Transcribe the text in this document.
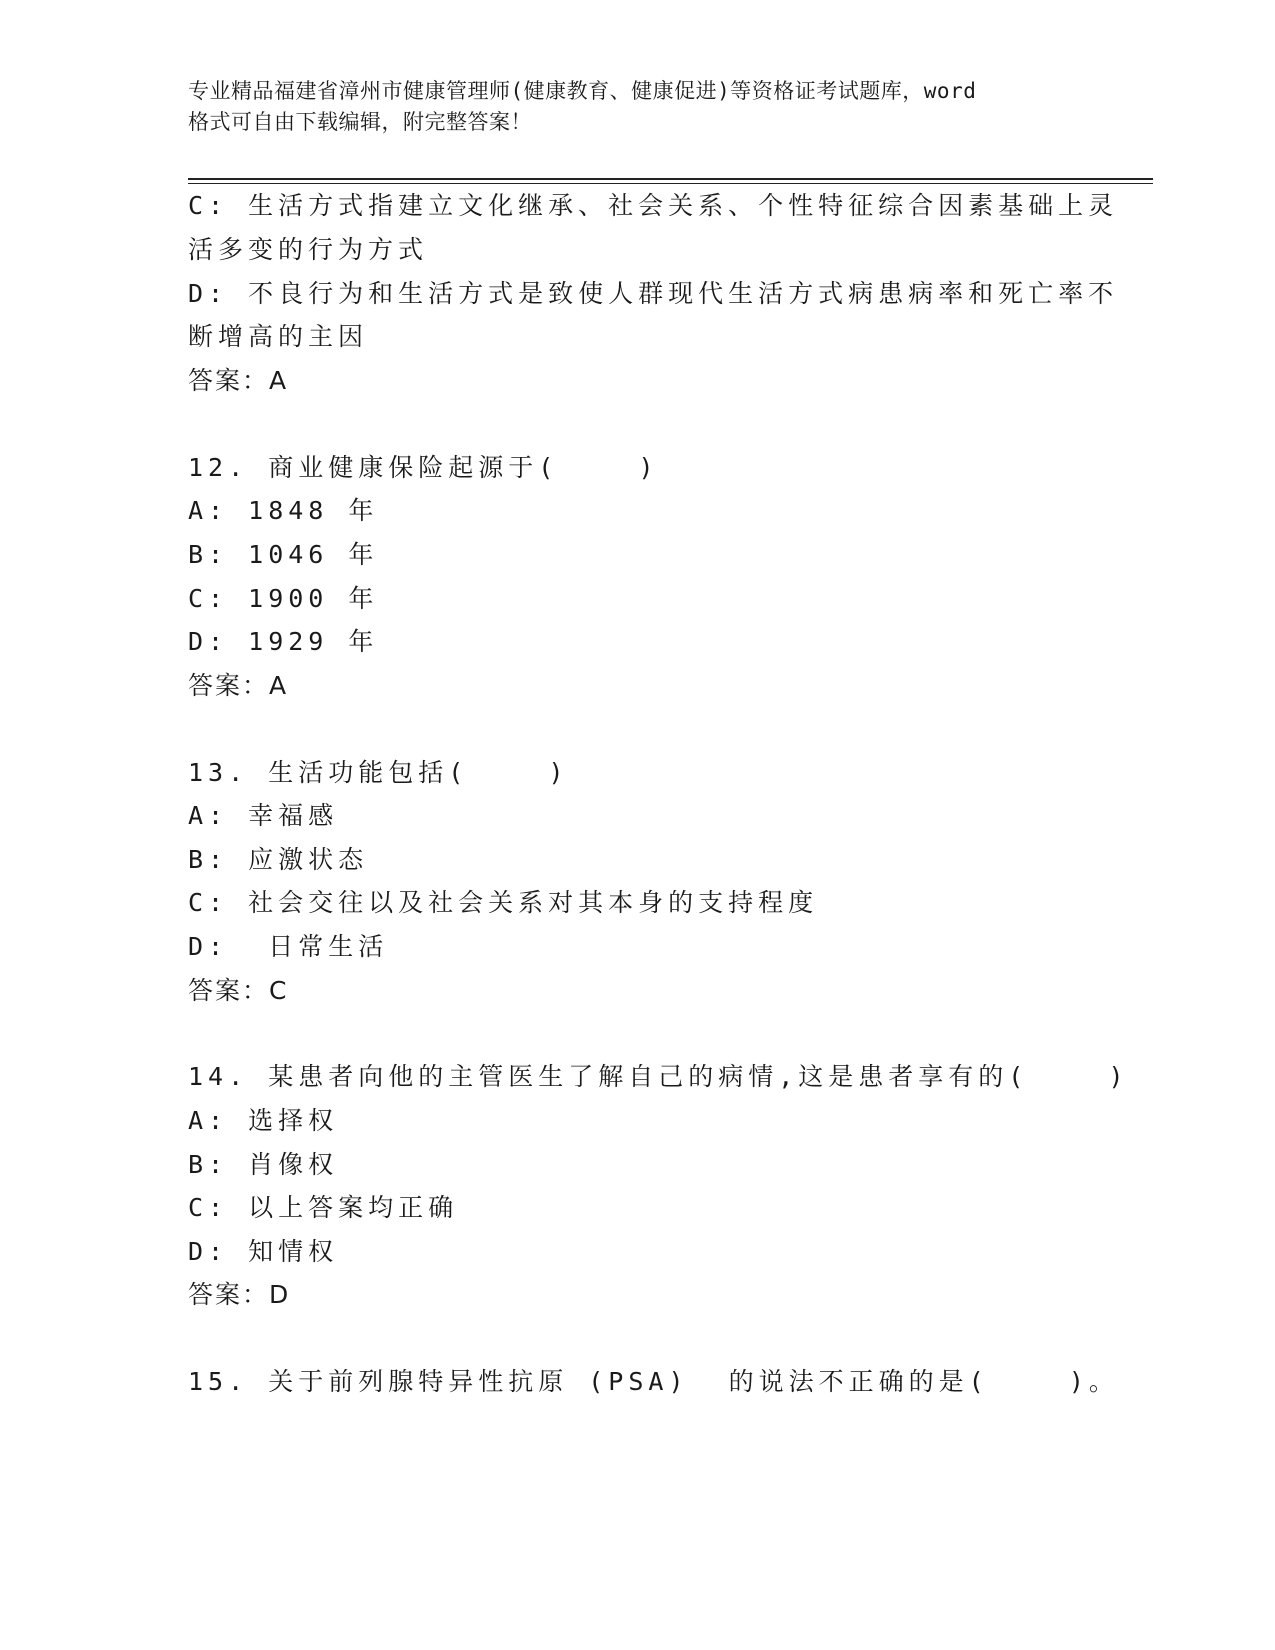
专业精品福建省漳州市健康管理师(健康教育、健康促进)等资格证考试题库，word
格式可自由下载编辑，附完整答案！
C: 生活方式指建立文化继承、社会关系、个性特征综合因素基础上灵
活多变的行为方式
D: 不良行为和生活方式是致使人群现代生活方式病患病率和死亡率不
断增高的主因
答案：A
12. 商业健康保险起源于(    )
A: 1848 年
B: 1046 年
C: 1900 年
D: 1929 年
答案：A
13. 生活功能包括(    )
A: 幸福感
B: 应激状态
C: 社会交往以及社会关系对其本身的支持程度
D:  日常生活
答案：C
14. 某患者向他的主管医生了解自己的病情,这是患者享有的(    )
A: 选择权
B: 肖像权
C: 以上答案均正确
D: 知情权
答案：D
15. 关于前列腺特异性抗原 (PSA)  的说法不正确的是(    )。
